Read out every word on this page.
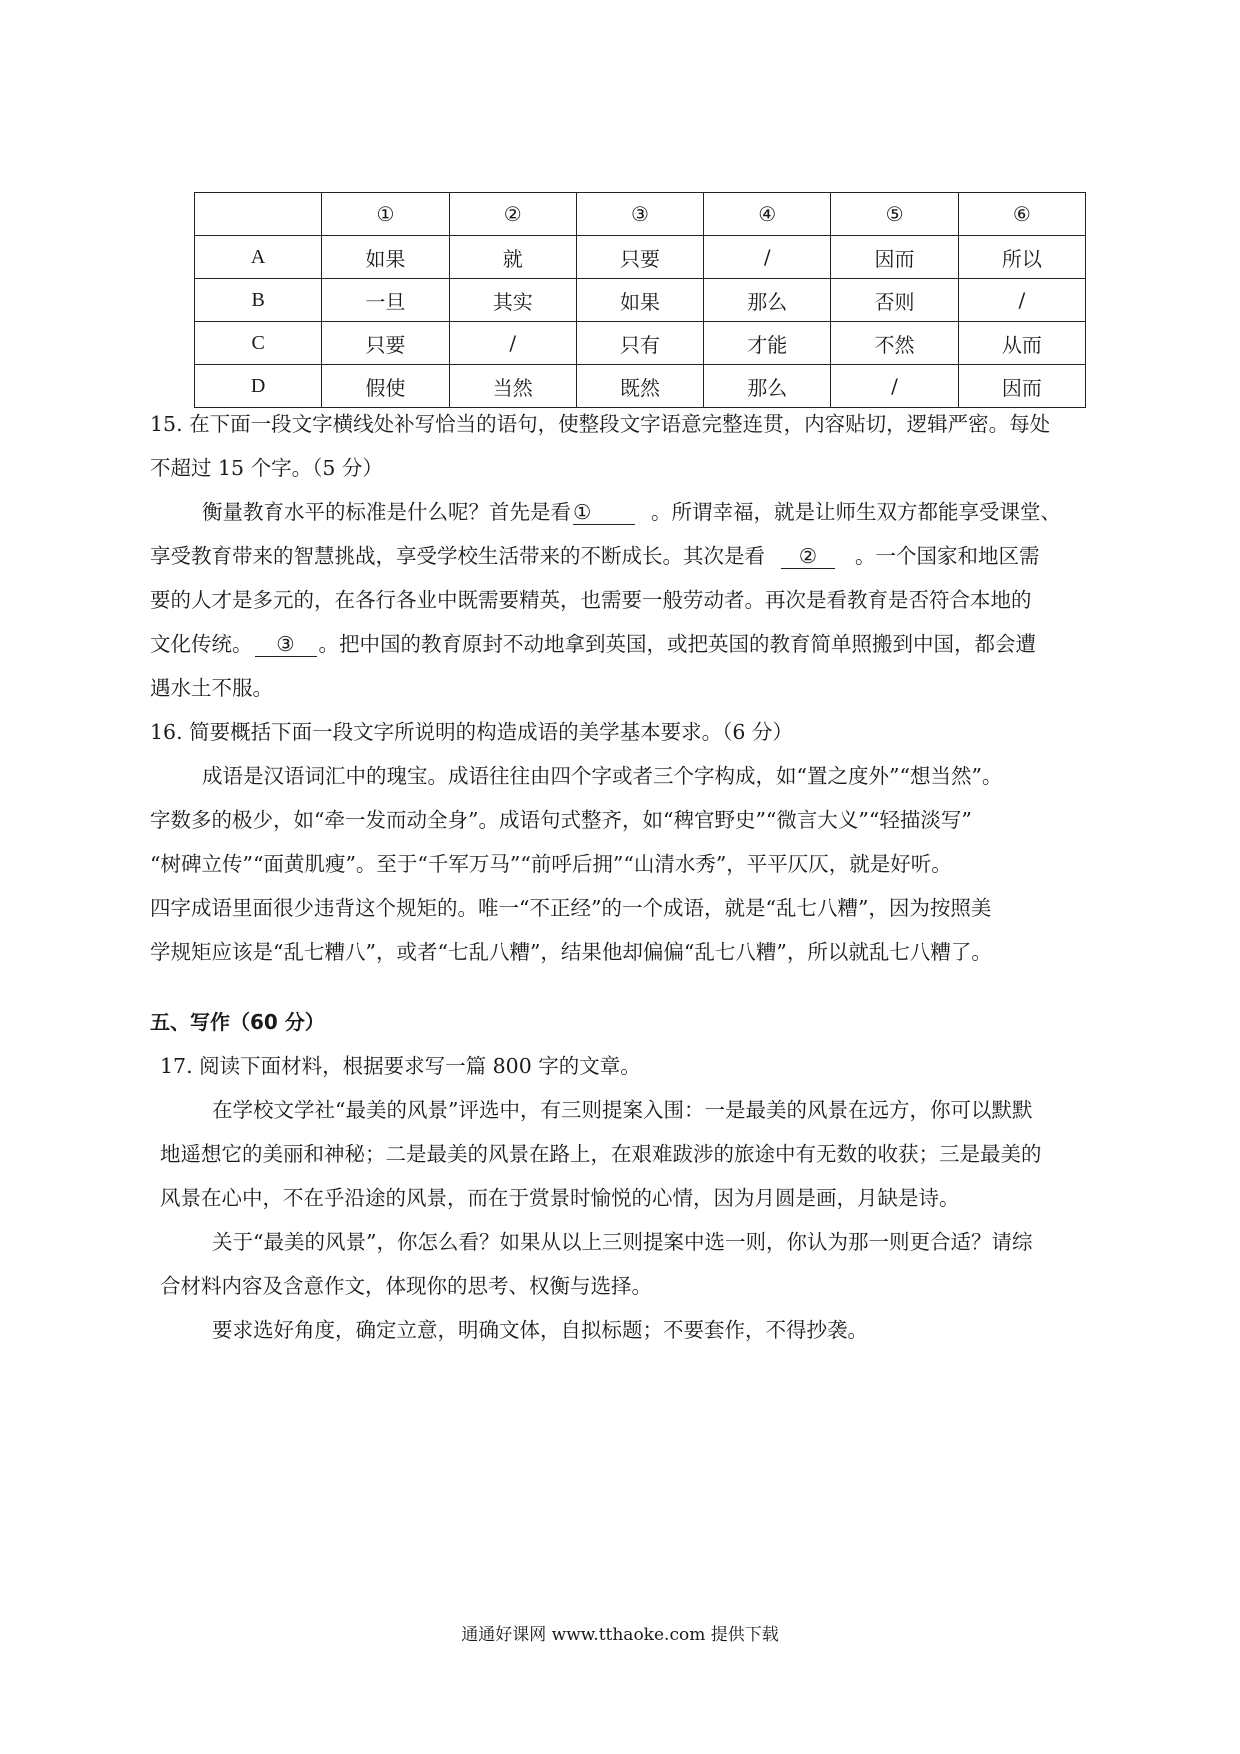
	①	②	③	④	⑤	⑥
A	如果	就	只要	/	因而	所以
B	一旦	其实	如果	那么	否则	/
C	只要	/	只有	才能	不然	从而
D	假使	当然	既然	那么	/	因而
15. 在下面一段文字横线处补写恰当的语句，使整段文字语意完整连贯，内容贴切，逻辑严密。每处
不超过 15 个字。（5 分）
衡量教育水平的标准是什么呢？首先是看①	。所谓幸福，就是让师生双方都能享受课堂、
享受教育带来的智慧挑战，享受学校生活带来的不断成长。其次是看 ② 。一个国家和地区需
要的人才是多元的，在各行各业中既需要精英，也需要一般劳动者。再次是看教育是否符合本地的
文化传统。 ③ 。把中国的教育原封不动地拿到英国，或把英国的教育简单照搬到中国，都会遭
遇水土不服。
16. 简要概括下面一段文字所说明的构造成语的美学基本要求。（6 分）
成语是汉语词汇中的瑰宝。成语往往由四个字或者三个字构成，如“置之度外”“想当然”。
字数多的极少，如“牵一发而动全身”。成语句式整齐，如“稗官野史”“微言大义”“轻描淡写”
“树碑立传”“面黄肌瘦”。至于“千军万马”“前呼后拥”“山清水秀”，平平仄仄，就是好听。
四字成语里面很少违背这个规矩的。唯一“不正经”的一个成语，就是“乱七八糟”，因为按照美
学规矩应该是“乱七糟八”，或者“七乱八糟”，结果他却偏偏“乱七八糟”，所以就乱七八糟了。
五、写作（60 分）
17. 阅读下面材料，根据要求写一篇 800 字的文章。
在学校文学社“最美的风景”评选中，有三则提案入围：一是最美的风景在远方，你可以默默
地遥想它的美丽和神秘；二是最美的风景在路上，在艰难跋涉的旅途中有无数的收获；三是最美的
风景在心中，不在乎沿途的风景，而在于赏景时愉悦的心情，因为月圆是画，月缺是诗。
关于“最美的风景”，你怎么看？如果从以上三则提案中选一则，你认为那一则更合适？请综
合材料内容及含意作文，体现你的思考、权衡与选择。
要求选好角度，确定立意，明确文体，自拟标题；不要套作，不得抄袭。
通通好课网 www.tthaoke.com 提供下载
